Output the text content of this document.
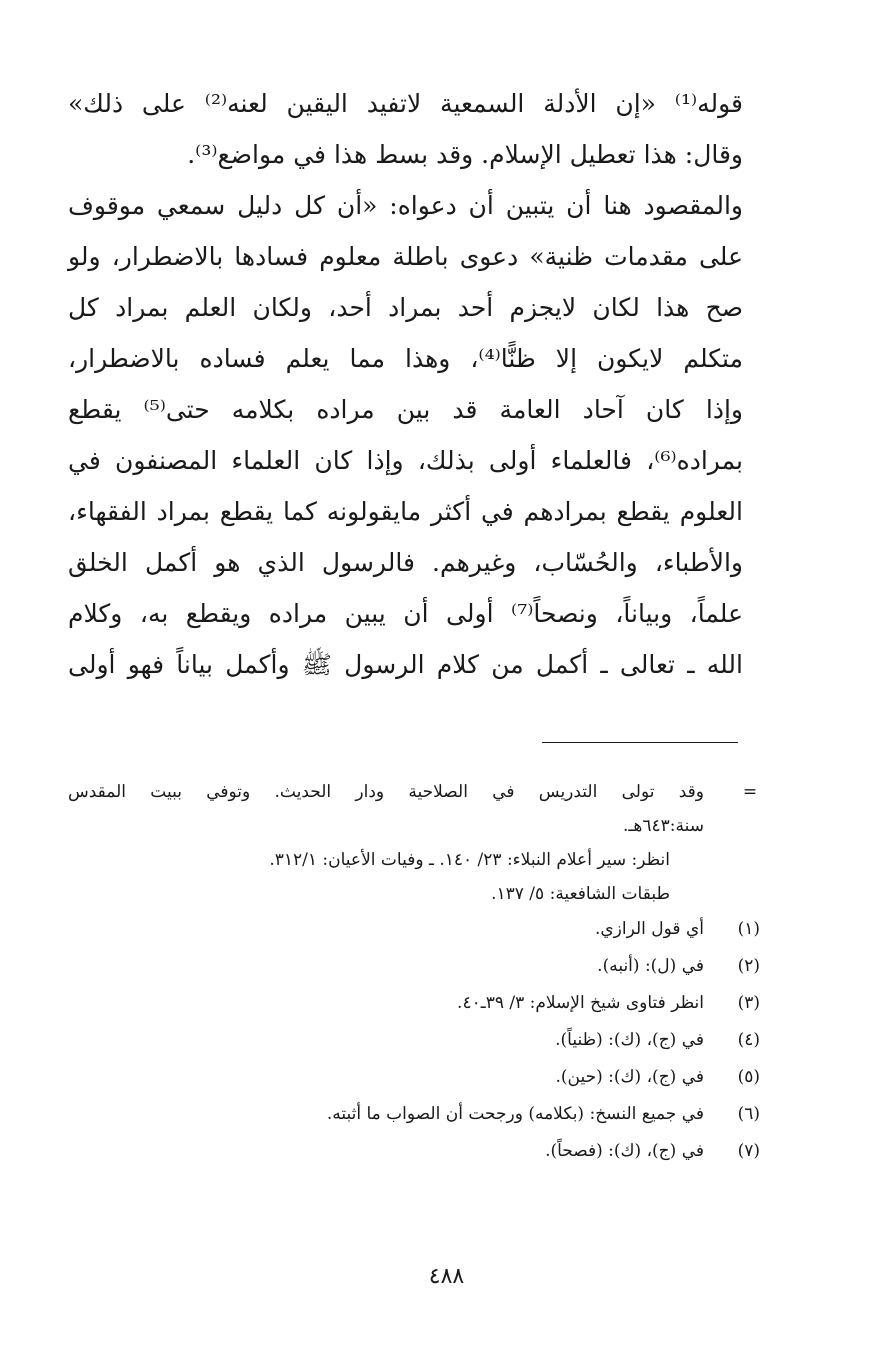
قوله⁽¹⁾ «إن الأدلة السمعية لاتفيد اليقين لعنه⁽²⁾ على ذلك»
وقال: هذا تعطيل الإسلام. وقد بسط هذا في مواضع⁽³⁾.
والمقصود هنا أن يتبين أن دعواه: «أن كل دليل سمعي موقوف
على مقدمات ظنية» دعوى باطلة معلوم فسادها بالاضطرار، ولو
صح هذا لكان لايجزم أحد بمراد أحد، ولكان العلم بمراد كل
متكلم لايكون إلا ظنًّا⁽⁴⁾، وهذا مما يعلم فساده بالاضطرار،
وإذا كان آحاد العامة قد بين مراده بكلامه حتى⁽⁵⁾ يقطع
بمراده⁽⁶⁾، فالعلماء أولى بذلك، وإذا كان العلماء المصنفون في
العلوم يقطع بمرادهم في أكثر مايقولونه كما يقطع بمراد الفقهاء،
والأطباء، والحُسّاب، وغيرهم. فالرسول الذي هو أكمل الخلق
علماً، وبياناً، ونصحاً⁽⁷⁾ أولى أن يبين مراده ويقطع به، وكلام
الله ـ تعالى ـ أكمل من كلام الرسول ﷺ وأكمل بياناً فهو أولى
=
وقد تولى التدريس في الصلاحية ودار الحديث. وتوفي ببيت المقدس
سنة:٦٤٣هـ.
انظر: سير أعلام النبلاء: ٢٣/ ١٤٠. ـ وفيات الأعيان: ٣١٢/١.
طبقات الشافعية: ٥/ ١٣٧.
(١)
أي قول الرازي.
(٢)
في (ل): (أنبه).
(٣)
انظر فتاوى شيخ الإسلام: ٣/ ٣٩ـ٤٠.
(٤)
في (ج)، (ك): (ظنياً).
(٥)
في (ج)، (ك): (حين).
(٦)
في جميع النسخ: (بكلامه) ورجحت أن الصواب ما أثبته.
(٧)
في (ج)، (ك): (فصحاً).
٤٨٨
